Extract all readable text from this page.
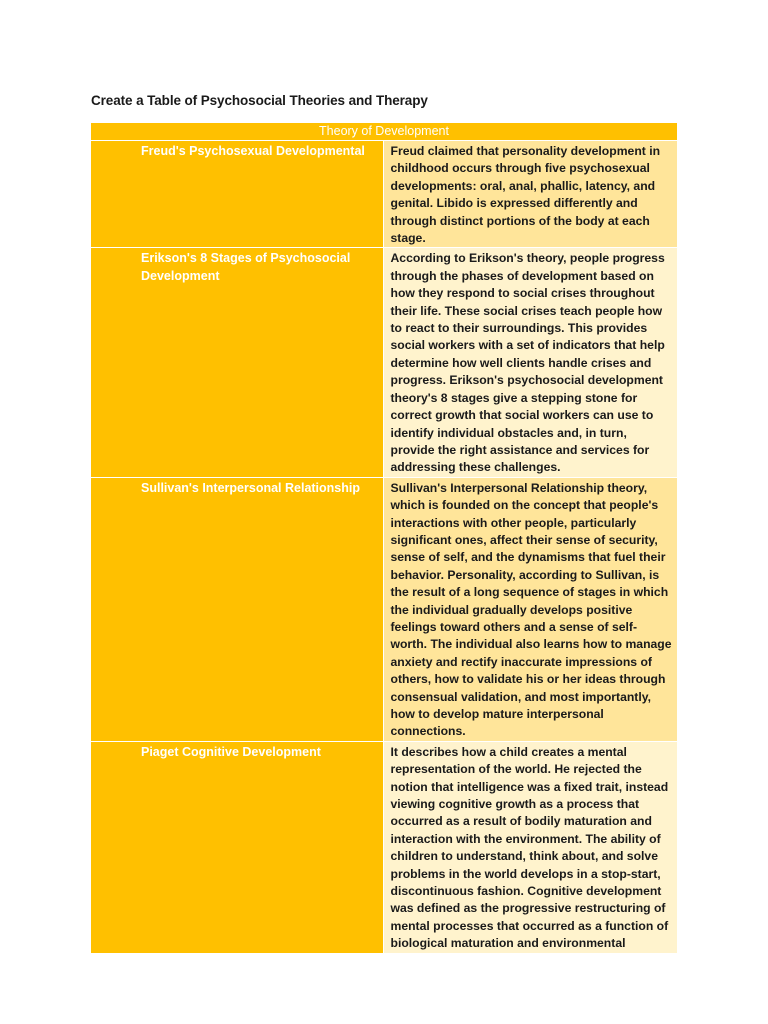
Create a Table of Psychosocial Theories and Therapy
Theory of Development	
Freud's Psychosexual Developmental	Freud claimed that personality development in childhood occurs through five psychosexual developments: oral, anal, phallic, latency, and genital. Libido is expressed differently and through distinct portions of the body at each stage.
Erikson's 8 Stages of Psychosocial Development	According to Erikson's theory, people progress through the phases of development based on how they respond to social crises throughout their life. These social crises teach people how to react to their surroundings. This provides social workers with a set of indicators that help determine how well clients handle crises and progress. Erikson's psychosocial development theory's 8 stages give a stepping stone for correct growth that social workers can use to identify individual obstacles and, in turn, provide the right assistance and services for addressing these challenges.
Sullivan's Interpersonal Relationship	Sullivan's Interpersonal Relationship theory, which is founded on the concept that people's interactions with other people, particularly significant ones, affect their sense of security, sense of self, and the dynamisms that fuel their behavior. Personality, according to Sullivan, is the result of a long sequence of stages in which the individual gradually develops positive feelings toward others and a sense of self-worth. The individual also learns how to manage anxiety and rectify inaccurate impressions of others, how to validate his or her ideas through consensual validation, and most importantly, how to develop mature interpersonal connections.
Piaget Cognitive Development	It describes how a child creates a mental representation of the world. He rejected the notion that intelligence was a fixed trait, instead viewing cognitive growth as a process that occurred as a result of bodily maturation and interaction with the environment. The ability of children to understand, think about, and solve problems in the world develops in a stop-start, discontinuous fashion. Cognitive development was defined as the progressive restructuring of mental processes that occurred as a function of biological maturation and environmental
